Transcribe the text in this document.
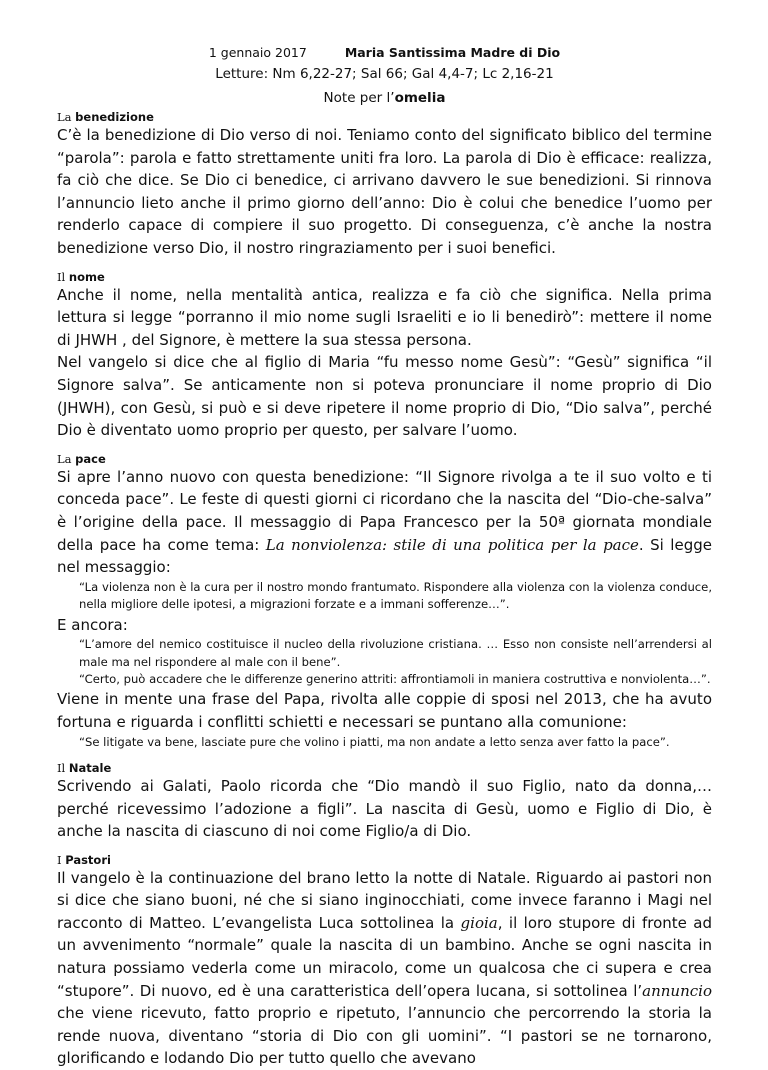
1 gennaio 2017	Maria Santissima Madre di Dio
Letture: Nm 6,22-27; Sal 66; Gal 4,4-7; Lc 2,16-21
Note per l’omelia
La benedizione

C’è la benedizione di Dio verso di noi. Teniamo conto del significato biblico del termine “parola”: parola e fatto strettamente uniti fra loro. La parola di Dio è efficace: realizza, fa ciò che dice. Se Dio ci benedice, ci arrivano davvero le sue benedizioni. Si rinnova l’annuncio lieto anche il primo giorno dell’anno: Dio è colui che benedice l’uomo per renderlo capace di compiere il suo progetto. Di conseguenza, c’è anche la nostra benedizione verso Dio, il nostro ringraziamento per i suoi benefici.

Il nome

Anche il nome, nella mentalità antica, realizza e fa ciò che significa. Nella prima lettura si legge “porranno il mio nome sugli Israeliti e io li benedirò”: mettere il nome di JHWH , del Signore, è mettere la sua stessa persona.

Nel vangelo si dice che al figlio di Maria “fu messo nome Gesù”: “Gesù” significa “il Signore salva”. Se anticamente non si poteva pronunciare il nome proprio di Dio (JHWH), con Gesù, si può e si deve ripetere il nome proprio di Dio, “Dio salva”, perché Dio è diventato uomo proprio per questo, per salvare l’uomo.

La pace

Si apre l’anno nuovo con questa benedizione: “Il Signore rivolga a te il suo volto e ti conceda pace”. Le feste di questi giorni ci ricordano che la nascita del “Dio-che-salva” è l’origine della pace. Il messaggio di Papa Francesco per la 50ª giornata mondiale della pace ha come tema: La nonviolenza: stile di una politica per la pace. Si legge nel messaggio:

“La violenza non è la cura per il nostro mondo frantumato. Rispondere alla violenza con la violenza conduce, nella migliore delle ipotesi, a migrazioni forzate e a immani sofferenze…”.

E ancora:

“L’amore del nemico costituisce il nucleo della rivoluzione cristiana. … Esso non consiste nell’arrendersi al male ma nel rispondere al male con il bene”.
“Certo, può accadere che le differenze generino attriti: affrontiamoli in maniera costruttiva e nonviolenta…”.

Viene in mente una frase del Papa, rivolta alle coppie di sposi nel 2013, che ha avuto fortuna e riguarda i conflitti schietti e necessari se puntano alla comunione:

“Se litigate va bene, lasciate pure che volino i piatti, ma non andate a letto senza aver fatto la pace”.
Il Natale

Scrivendo ai Galati, Paolo ricorda che “Dio mandò il suo Figlio, nato da donna,… perché ricevessimo l’adozione a figli”. La nascita di Gesù, uomo e Figlio di Dio, è anche la nascita di ciascuno di noi come Figlio/a di Dio.

I Pastori

Il vangelo è la continuazione del brano letto la notte di Natale. Riguardo ai pastori non si dice che siano buoni, né che si siano inginocchiati, come invece faranno i Magi nel racconto di Matteo. L’evangelista Luca sottolinea la gioia, il loro stupore di fronte ad un avvenimento “normale” quale la nascita di un bambino. Anche se ogni nascita in natura possiamo vederla come un miracolo, come un qualcosa che ci supera e crea “stupore”. Di nuovo, ed è una caratteristica dell’opera lucana, si sottolinea l’annuncio che viene ricevuto, fatto proprio e ripetuto, l’annuncio che percorrendo la storia la rende nuova, diventano “storia di Dio con gli uomini”. “I pastori se ne tornarono, glorificando e lodando Dio per tutto quello che avevano
